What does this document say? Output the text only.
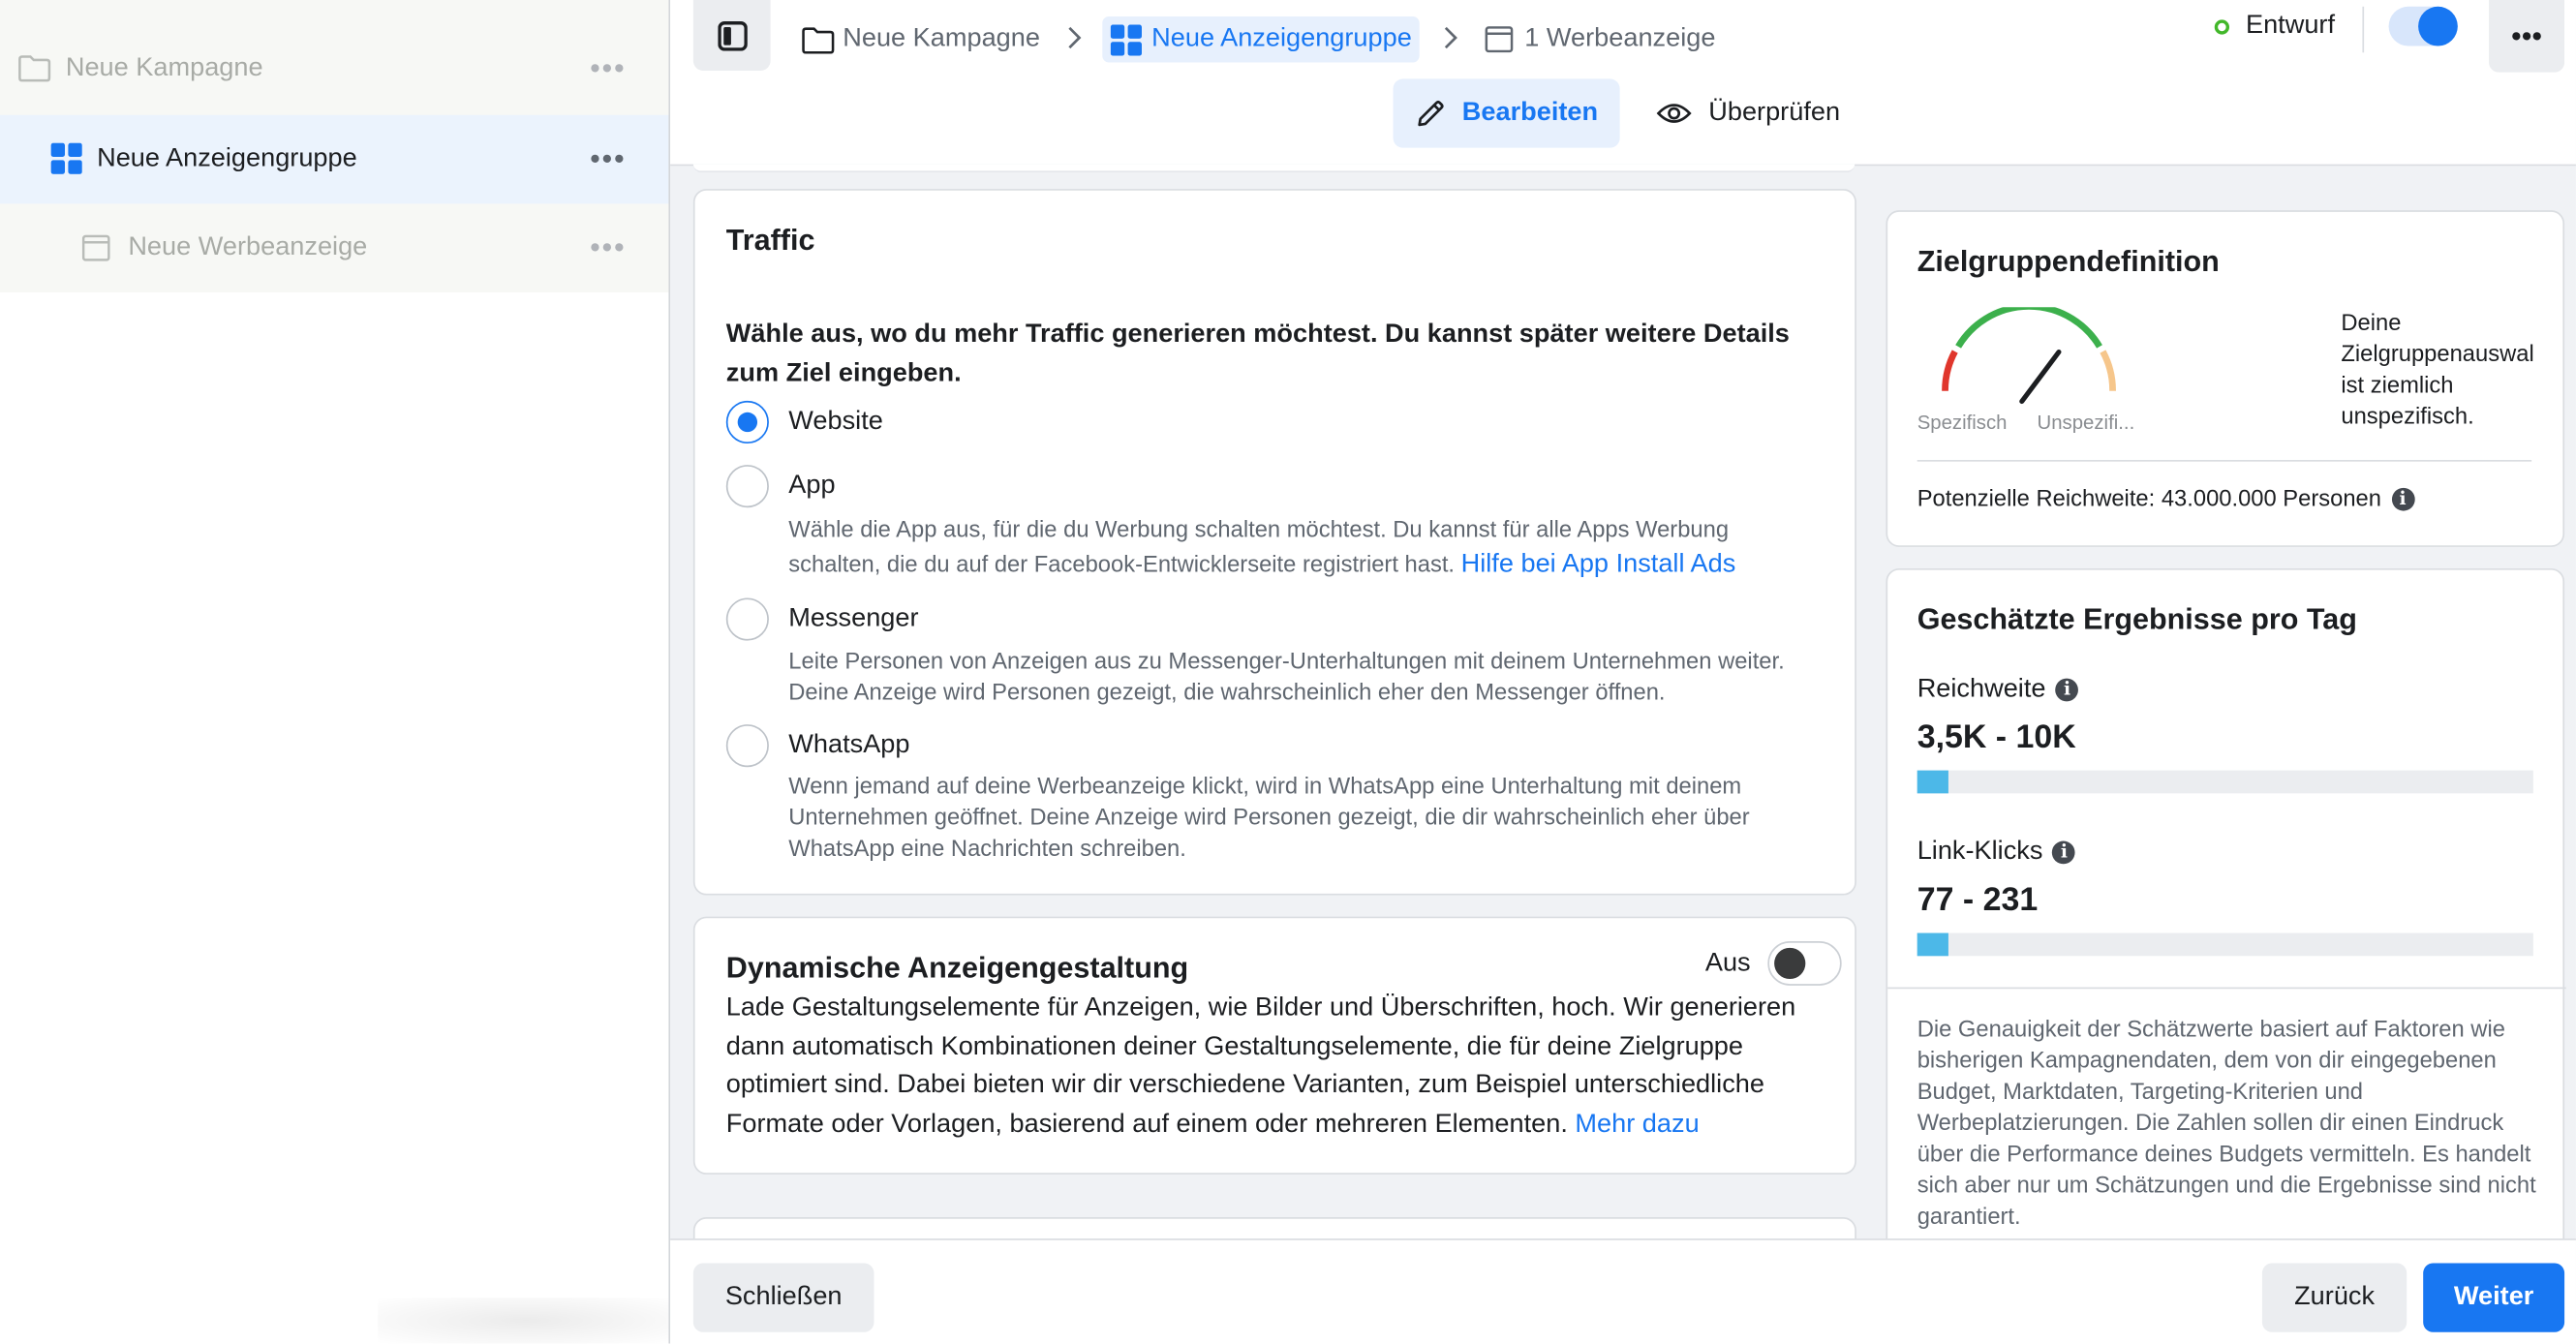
Neue Kampagne	•••
Neue Anzeigengruppe	•••
Neue Werbeanzeige	•••
Neue Kampagne	Neue Anzeigengruppe	1 Werbeanzeige	Entwurf	•••
Bearbeiten	Überprüfen
Traffic
Wähle aus, wo du mehr Traffic generieren möchtest. Du kannst später weitere Details zum Ziel eingeben.
Website
App
Wähle die App aus, für die du Werbung schalten möchtest. Du kannst für alle Apps Werbung schalten, die du auf der Facebook-Entwicklerseite registriert hast. Hilfe bei App Install Ads
Messenger
Leite Personen von Anzeigen aus zu Messenger-Unterhaltungen mit deinem Unternehmen weiter. Deine Anzeige wird Personen gezeigt, die wahrscheinlich eher den Messenger öffnen.
WhatsApp
Wenn jemand auf deine Werbeanzeige klickt, wird in WhatsApp eine Unterhaltung mit deinem Unternehmen geöffnet. Deine Anzeige wird Personen gezeigt, die dir wahrscheinlich eher über WhatsApp eine Nachrichten schreiben.
Dynamische Anzeigengestaltung	Aus
Lade Gestaltungselemente für Anzeigen, wie Bilder und Überschriften, hoch. Wir generieren dann automatisch Kombinationen deiner Gestaltungselemente, die für deine Zielgruppe optimiert sind. Dabei bieten wir dir verschiedene Varianten, zum Beispiel unterschiedliche Formate oder Vorlagen, basierend auf einem oder mehreren Elementen. Mehr dazu
Zielgruppendefinition
Spezifisch	Unspezifi...
Deine
Zielgruppenauswal
ist ziemlich
unspezifisch.
Potenzielle Reichweite: 43.000.000 Personen i
Geschätzte Ergebnisse pro Tag
Reichweite i
3,5K - 10K
Link-Klicks i
77 - 231
Die Genauigkeit der Schätzwerte basiert auf Faktoren wie bisherigen Kampagnendaten, dem von dir eingegebenen Budget, Marktdaten, Targeting-Kriterien und Werbeplatzierungen. Die Zahlen sollen dir einen Eindruck über die Performance deines Budgets vermitteln. Es handelt sich aber nur um Schätzungen und die Ergebnisse sind nicht garantiert.
Schließen	Zurück	Weiter
